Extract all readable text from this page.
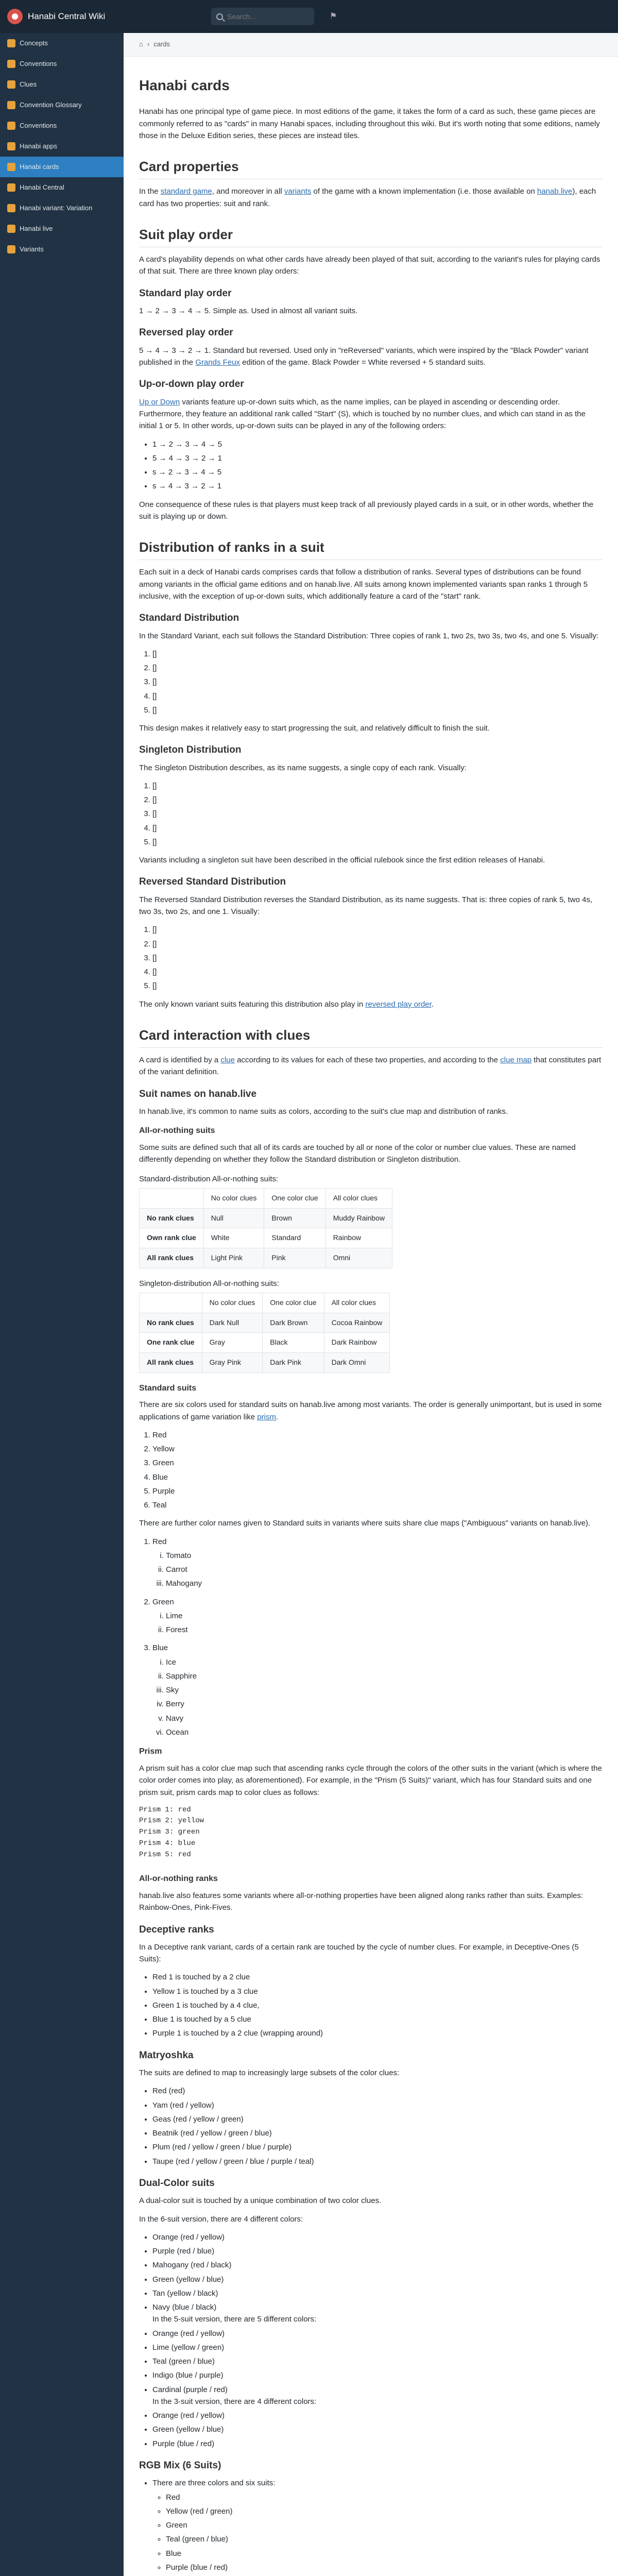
Hanabi Central Wiki
Search...	⚑
Concepts
Conventions
Clues
Convention Glossary
Conventions
Hanabi apps
Hanabi cards
Hanabi Central
Hanabi variant: Variation
Hanabi live
Variants
⌂ › cards
Hanabi cards

Hanabi has one principal type of game piece. In most editions of the game, it takes the form of a card as such, these game pieces are commonly referred to as "cards" in many Hanabi spaces, including throughout this wiki. But it's worth noting that some editions, namely those in the Deluxe Edition series, these pieces are instead tiles.

Card properties

In the standard game, and moreover in all variants of the game with a known implementation (i.e. those available on hanab.live), each card has two properties: suit and rank.

Suit play order

A card's playability depends on what other cards have already been played of that suit, according to the variant's rules for playing cards of that suit. There are three known play orders:

Standard play order

1 → 2 → 3 → 4 → 5. Simple as. Used in almost all variant suits.

Reversed play order

5 → 4 → 3 → 2 → 1. Standard but reversed. Used only in "reReversed" variants, which were inspired by the "Black Powder" variant published in the Grands Feux edition of the game. Black Powder = White reversed + 5 standard suits.

Up-or-down play order

Up or Down variants feature up-or-down suits which, as the name implies, can be played in ascending or descending order. Furthermore, they feature an additional rank called "Start" (S), which is touched by no number clues, and which can stand in as the initial 1 or 5. In other words, up-or-down suits can be played in any of the following orders:

• 1 → 2 → 3 → 4 → 5
• 5 → 4 → 3 → 2 → 1
• s → 2 → 3 → 4 → 5
• s → 4 → 3 → 2 → 1

One consequence of these rules is that players must keep track of all previously played cards in a suit, or in other words, whether the suit is playing up or down.

Distribution of ranks in a suit

Each suit in a deck of Hanabi cards comprises cards that follow a distribution of ranks. Several types of distributions can be found among variants in the official game editions and on hanab.live. All suits among known implemented variants span ranks 1 through 5 inclusive, with the exception of up-or-down suits, which additionally feature a card of the "start" rank.

Standard Distribution

In the Standard Variant, each suit follows the Standard Distribution: Three copies of rank 1, two 2s, two 3s, two 4s, and one 5. Visually:

1. []
2. []
3. []
4. []
5. []

This design makes it relatively easy to start progressing the suit, and relatively difficult to finish the suit.

Singleton Distribution

The Singleton Distribution describes, as its name suggests, a single copy of each rank. Visually:

1. []
2. []
3. []
4. []
5. []

Variants including a singleton suit have been described in the official rulebook since the first edition releases of Hanabi.

Reversed Standard Distribution

The Reversed Standard Distribution reverses the Standard Distribution, as its name suggests. That is: three copies of rank 5, two 4s, two 3s, two 2s, and one 1. Visually:

1. []
2. []
3. []
4. []
5. []

The only known variant suits featuring this distribution also play in reversed play order.

Card interaction with clues

A card is identified by a clue according to its values for each of these two properties, and according to the clue map that constitutes part of the variant definition.

Suit names on hanab.live

In hanab.live, it's common to name suits as colors, according to the suit's clue map and distribution of ranks.

All-or-nothing suits

Some suits are defined such that all of its cards are touched by all or none of the color or number clue values. These are named differently depending on whether they follow the Standard distribution or Singleton distribution.

Standard-distribution All-or-nothing suits:

	No color clues	One color clue	All color clues
No rank clues	Null	Brown	Muddy Rainbow
Own rank clue	White	Standard	Rainbow
All rank clues	Light Pink	Pink	Omni

Singleton-distribution All-or-nothing suits:

	No color clues	One color clue	All color clues
No rank clues	Dark Null	Dark Brown	Cocoa Rainbow
One rank clue	Gray	Black	Dark Rainbow
All rank clues	Gray Pink	Dark Pink	Dark Omni
Standard suits

There are six colors used for standard suits on hanab.live among most variants. The order is generally unimportant, but is used in some applications of game variation like prism.

1. Red
2. Yellow
3. Green
4. Blue
5. Purple
6. Teal

There are further color names given to Standard suits in variants where suits share clue maps ("Ambiguous" variants on hanab.live).

1. Red
i. Tomato
ii. Carrot
iii. Mahogany
2. Green
i. Lime
ii. Forest
3. Blue
i. Ice
ii. Sapphire
iii. Sky
iv. Berry
v. Navy
vi. Ocean
Prism

A prism suit has a color clue map such that ascending ranks cycle through the colors of the other suits in the variant (which is where the color order comes into play, as aforementioned). For example, in the "Prism (5 Suits)" variant, which has four Standard suits and one prism suit, prism cards map to color clues as follows:

Prism 1: red
Prism 2: yellow
Prism 3: green
Prism 4: blue
Prism 5: red
All-or-nothing ranks

hanab.live also features some variants where all-or-nothing properties have been aligned along ranks rather than suits. Examples: Rainbow-Ones, Pink-Fives.

Deceptive ranks

In a Deceptive rank variant, cards of a certain rank are touched by the cycle of number clues. For example, in Deceptive-Ones (5 Suits):

• Red 1 is touched by a 2 clue
• Yellow 1 is touched by a 3 clue
• Green 1 is touched by a 4 clue,
• Blue 1 is touched by a 5 clue
• Purple 1 is touched by a 2 clue (wrapping around)
Matryoshka

The suits are defined to map to increasingly large subsets of the color clues:

• Red (red)
• Yam (red / yellow)
• Geas (red / yellow / green)
• Beatnik (red / yellow / green / blue)
• Plum (red / yellow / green / blue / purple)
• Taupe (red / yellow / green / blue / purple / teal)
Dual-Color suits

A dual-color suit is touched by a unique combination of two color clues.

In the 6-suit version, there are 4 different colors:

• Orange (red / yellow)
• Purple (red / blue)
• Mahogany (red / black)
• Green (yellow / blue)
• Tan (yellow / black)
• Navy (blue / black)
In the 5-suit version, there are 5 different colors:
• Orange (red / yellow)
• Lime (yellow / green)
• Teal (green / blue)
• Indigo (blue / purple)
• Cardinal (purple / red)
In the 3-suit version, there are 4 different colors:
• Orange (red / yellow)
• Green (yellow / blue)
• Purple (blue / red)
RGB Mix (6 Suits)
• There are three colors and six suits:
◦ Red
◦ Yellow (red / green)
◦ Green
◦ Teal (green / blue)
◦ Blue
◦ Purple (blue / red)
